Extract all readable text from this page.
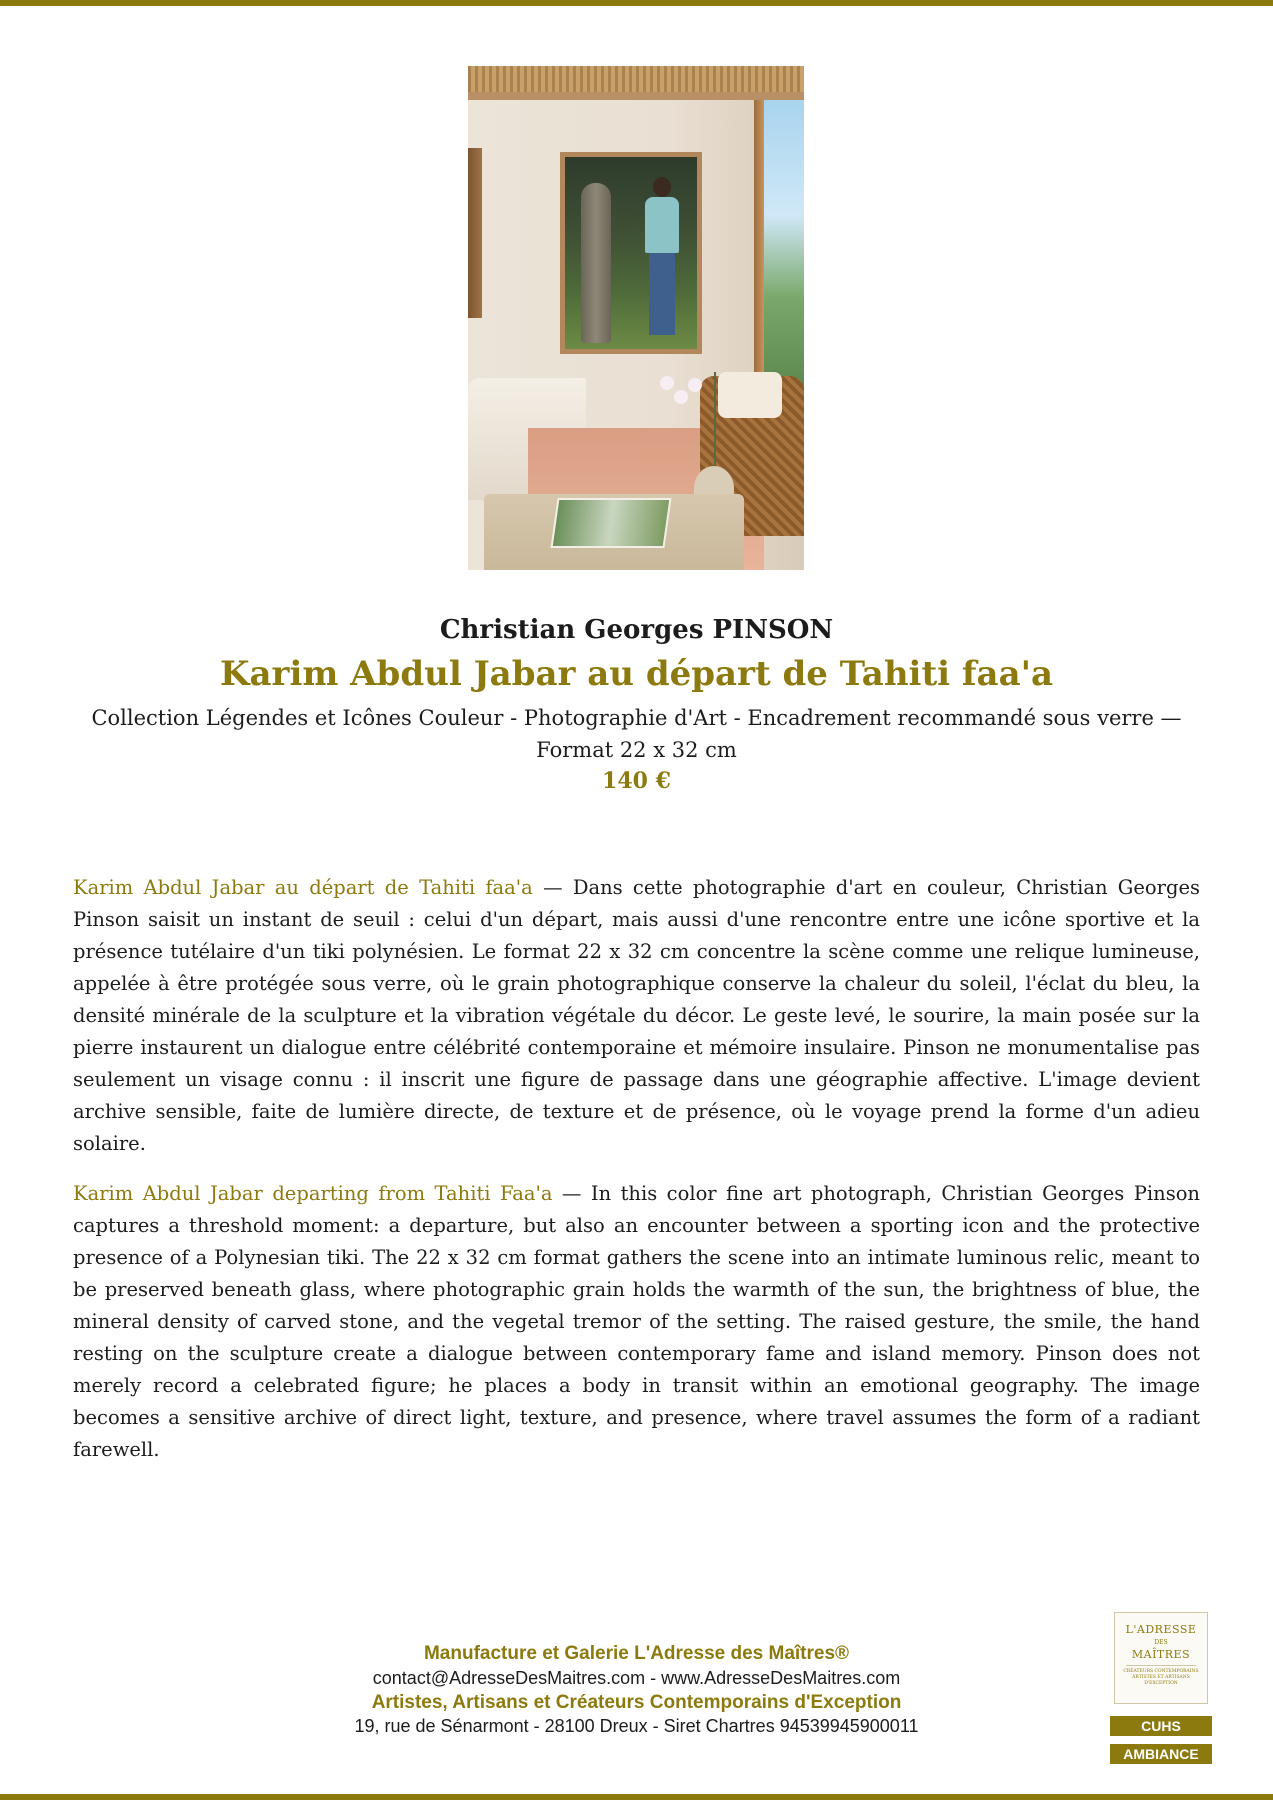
Christian Georges PINSON
Karim Abdul Jabar au départ de Tahiti faa'a
Collection Légendes et Icônes Couleur - Photographie d'Art - Encadrement recommandé sous verre — Format 22 x 32 cm
140 €

Karim Abdul Jabar au départ de Tahiti faa'a — Dans cette photographie d'art en couleur, Christian Georges Pinson saisit un instant de seuil : celui d'un départ, mais aussi d'une rencontre entre une icône sportive et la présence tutélaire d'un tiki polynésien. Le format 22 x 32 cm concentre la scène comme une relique lumineuse, appelée à être protégée sous verre, où le grain photographique conserve la chaleur du soleil, l'éclat du bleu, la densité minérale de la sculpture et la vibration végétale du décor. Le geste levé, le sourire, la main posée sur la pierre instaurent un dialogue entre célébrité contemporaine et mémoire insulaire. Pinson ne monumentalise pas seulement un visage connu : il inscrit une figure de passage dans une géographie affective. L'image devient archive sensible, faite de lumière directe, de texture et de présence, où le voyage prend la forme d'un adieu solaire.

Karim Abdul Jabar departing from Tahiti Faa'a — In this color fine art photograph, Christian Georges Pinson captures a threshold moment: a departure, but also an encounter between a sporting icon and the protective presence of a Polynesian tiki. The 22 x 32 cm format gathers the scene into an intimate luminous relic, meant to be preserved beneath glass, where photographic grain holds the warmth of the sun, the brightness of blue, the mineral density of carved stone, and the vegetal tremor of the setting. The raised gesture, the smile, the hand resting on the sculpture create a dialogue between contemporary fame and island memory. Pinson does not merely record a celebrated figure; he places a body in transit within an emotional geography. The image becomes a sensitive archive of direct light, texture, and presence, where travel assumes the form of a radiant farewell.

Manufacture et Galerie L'Adresse des Maîtres®
contact@AdresseDesMaitres.com - www.AdresseDesMaitres.com
Artistes, Artisans et Créateurs Contemporains d'Exception
19, rue de Sénarmont - 28100 Dreux - Siret Chartres 94539945900011
L'ADRESSE
DES
MAÎTRES
CRÉATEURS CONTEMPORAINS ARTISTES ET ARTISANS D'EXCEPTION
CUHS
AMBIANCE
